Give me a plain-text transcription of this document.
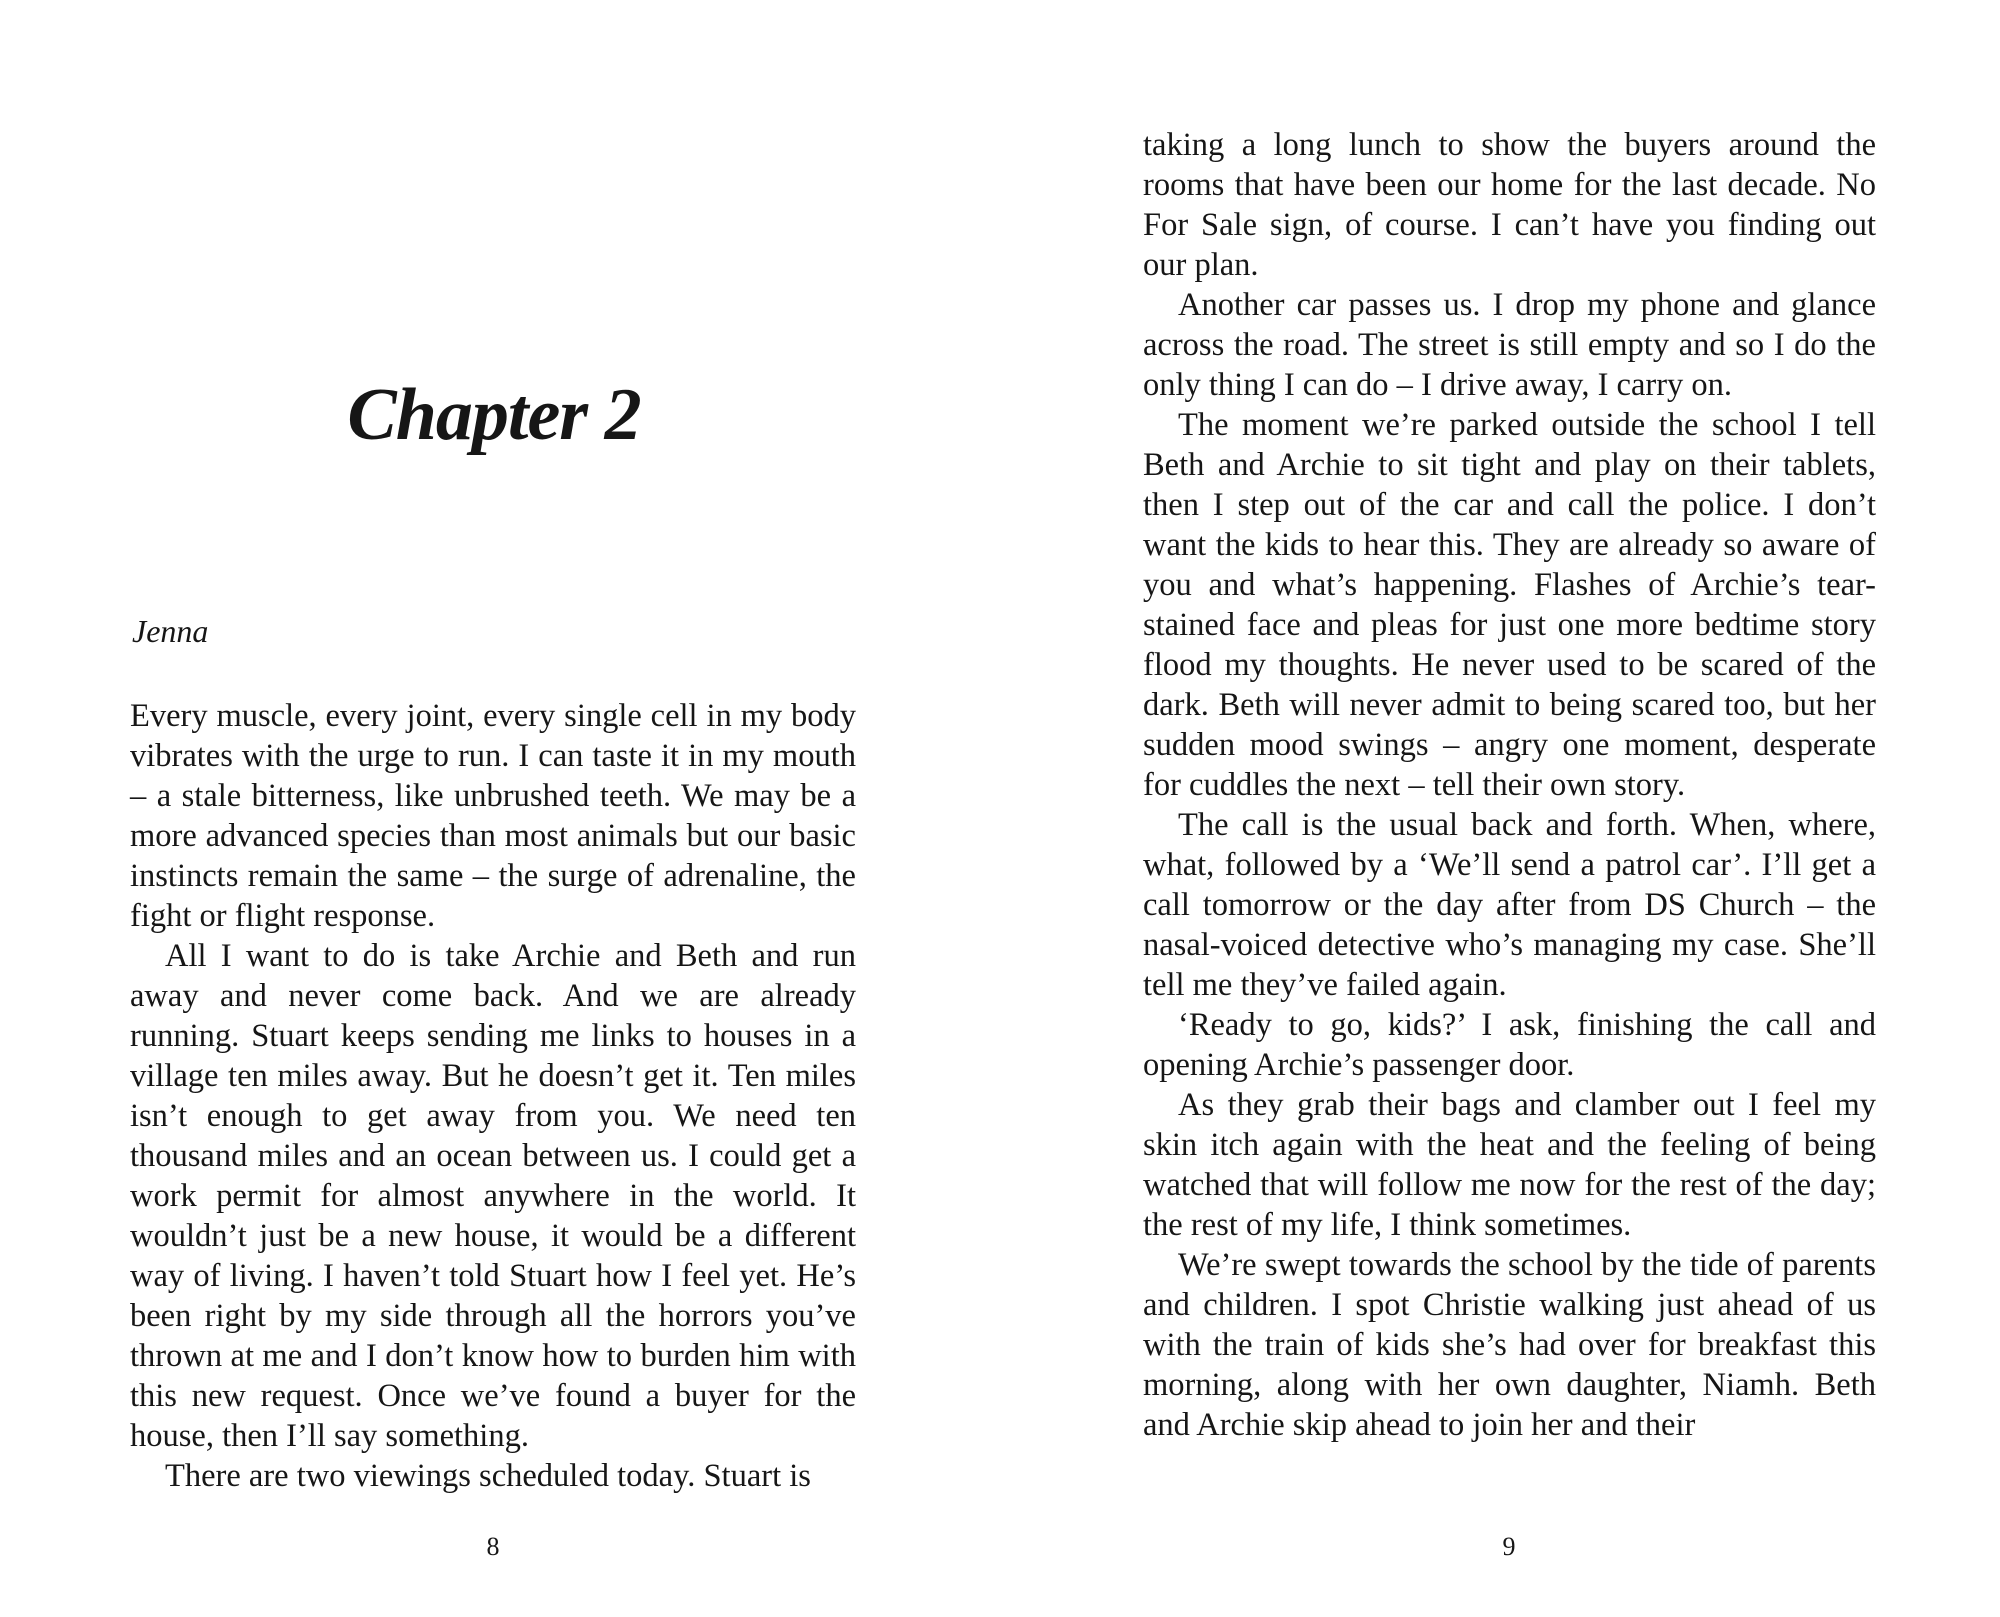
Chapter 2
Jenna

Every muscle, every joint, every single cell in my body vibrates with the urge to run. I can taste it in my mouth – a stale bitterness, like unbrushed teeth. We may be a more advanced species than most animals but our basic instincts remain the same – the surge of adrenaline, the fight or flight response.

All I want to do is take Archie and Beth and run away and never come back. And we are already running. Stuart keeps sending me links to houses in a village ten miles away. But he doesn’t get it. Ten miles isn’t enough to get away from you. We need ten thousand miles and an ocean between us. I could get a work permit for almost anywhere in the world. It wouldn’t just be a new house, it would be a different way of living. I haven’t told Stuart how I feel yet. He’s been right by my side through all the horrors you’ve thrown at me and I don’t know how to burden him with this new request. Once we’ve found a buyer for the house, then I’ll say something.

There are two viewings scheduled today. Stuart is

8

taking a long lunch to show the buyers around the rooms that have been our home for the last decade. No For Sale sign, of course. I can’t have you finding out our plan.

Another car passes us. I drop my phone and glance across the road. The street is still empty and so I do the only thing I can do – I drive away, I carry on.

The moment we’re parked outside the school I tell Beth and Archie to sit tight and play on their tablets, then I step out of the car and call the police. I don’t want the kids to hear this. They are already so aware of you and what’s happening. Flashes of Archie’s tear-stained face and pleas for just one more bedtime story flood my thoughts. He never used to be scared of the dark. Beth will never admit to being scared too, but her sudden mood swings – angry one moment, desperate for cuddles the next – tell their own story.

The call is the usual back and forth. When, where, what, followed by a ‘We’ll send a patrol car’. I’ll get a call tomorrow or the day after from DS Church – the nasal-voiced detective who’s managing my case. She’ll tell me they’ve failed again.

‘Ready to go, kids?’ I ask, finishing the call and opening Archie’s passenger door.

As they grab their bags and clamber out I feel my skin itch again with the heat and the feeling of being watched that will follow me now for the rest of the day; the rest of my life, I think sometimes.

We’re swept towards the school by the tide of parents and children. I spot Christie walking just ahead of us with the train of kids she’s had over for breakfast this morning, along with her own daughter, Niamh. Beth and Archie skip ahead to join her and their

9
